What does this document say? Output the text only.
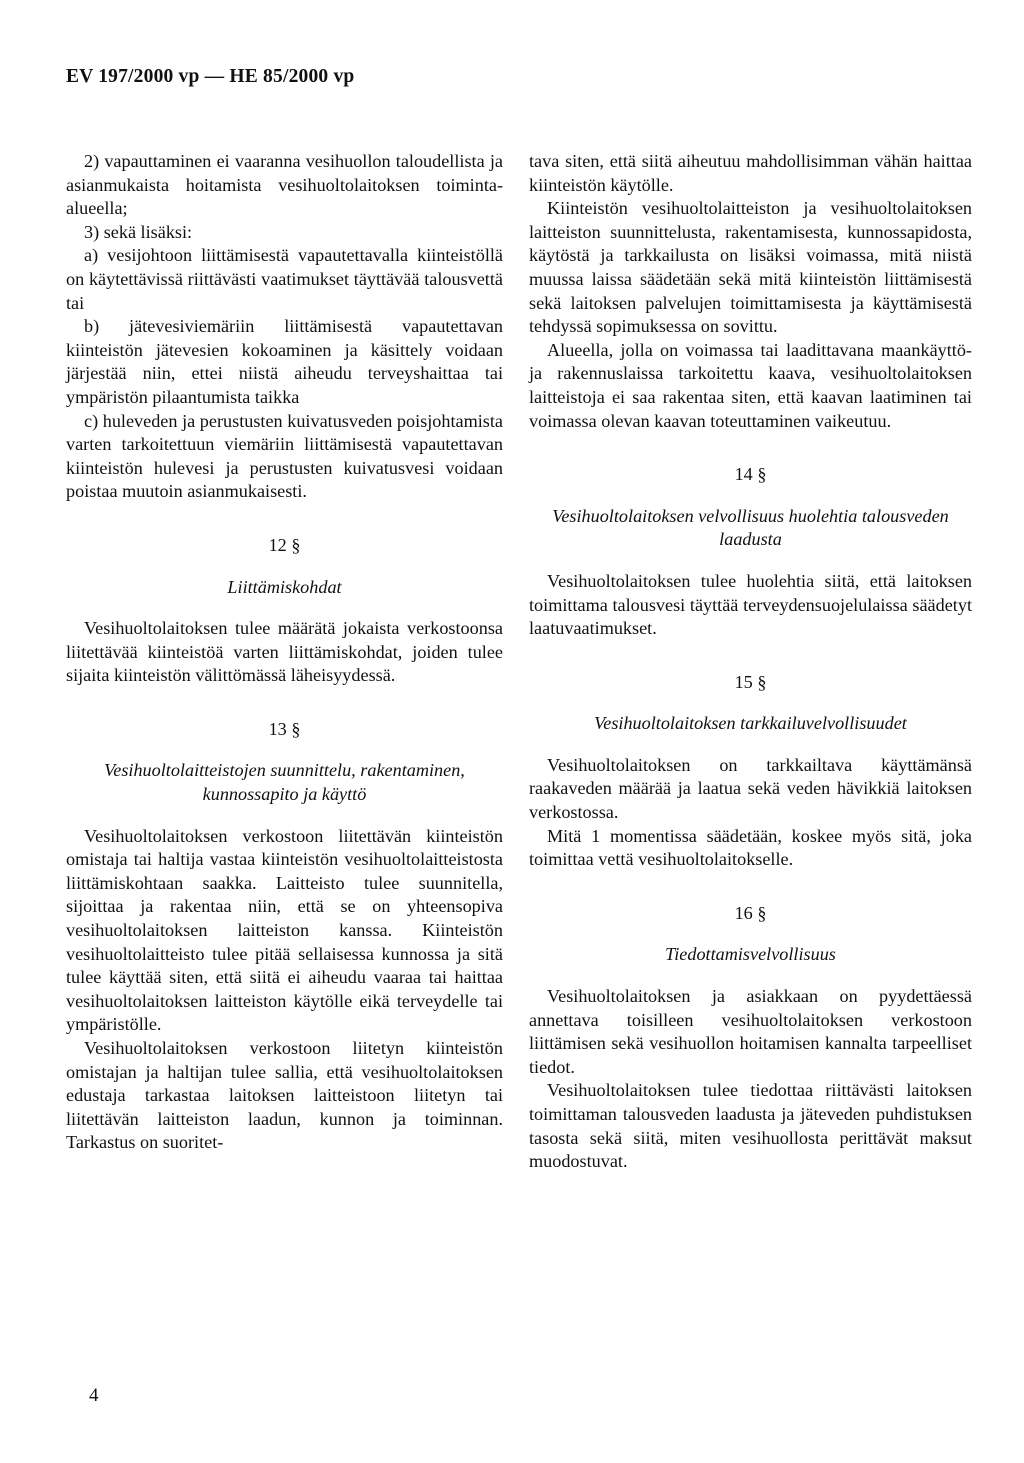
EV 197/2000 vp — HE 85/2000 vp

2) vapauttaminen ei vaaranna vesihuollon taloudellista ja asianmukaista hoitamista vesihuoltolaitoksen toiminta-alueella;

3) sekä lisäksi:

a) vesijohtoon liittämisestä vapautettavalla kiinteistöllä on käytettävissä riittävästi vaatimukset täyttävää talousvettä tai

b) jätevesiviemäriin liittämisestä vapautettavan kiinteistön jätevesien kokoaminen ja käsittely voidaan järjestää niin, ettei niistä aiheudu terveyshaittaa tai ympäristön pilaantumista taikka

c) huleveden ja perustusten kuivatusveden poisjohtamista varten tarkoitettuun viemäriin liittämisestä vapautettavan kiinteistön hulevesi ja perustusten kuivatusvesi voidaan poistaa muutoin asianmukaisesti.

12 §
Liittämiskohdat

Vesihuoltolaitoksen tulee määrätä jokaista verkostoonsa liitettävää kiinteistöä varten liittämiskohdat, joiden tulee sijaita kiinteistön välittömässä läheisyydessä.

13 §
Vesihuoltolaitteistojen suunnittelu, rakentaminen, kunnossapito ja käyttö

Vesihuoltolaitoksen verkostoon liitettävän kiinteistön omistaja tai haltija vastaa kiinteistön vesihuoltolaitteistosta liittämiskohtaan saakka. Laitteisto tulee suunnitella, sijoittaa ja rakentaa niin, että se on yhteensopiva vesihuoltolaitoksen laitteiston kanssa. Kiinteistön vesihuoltolaitteisto tulee pitää sellaisessa kunnossa ja sitä tulee käyttää siten, että siitä ei aiheudu vaaraa tai haittaa vesihuoltolaitoksen laitteiston käytölle eikä terveydelle tai ympäristölle.

Vesihuoltolaitoksen verkostoon liitetyn kiinteistön omistajan ja haltijan tulee sallia, että vesihuoltolaitoksen edustaja tarkastaa laitoksen laitteistoon liitetyn tai liitettävän laitteiston laadun, kunnon ja toiminnan. Tarkastus on suoritet-

tava siten, että siitä aiheutuu mahdollisimman vähän haittaa kiinteistön käytölle.

Kiinteistön vesihuoltolaitteiston ja vesihuoltolaitoksen laitteiston suunnittelusta, rakentamisesta, kunnossapidosta, käytöstä ja tarkkailusta on lisäksi voimassa, mitä niistä muussa laissa säädetään sekä mitä kiinteistön liittämisestä sekä laitoksen palvelujen toimittamisesta ja käyttämisestä tehdyssä sopimuksessa on sovittu.

Alueella, jolla on voimassa tai laadittavana maankäyttö- ja rakennuslaissa tarkoitettu kaava, vesihuoltolaitoksen laitteistoja ei saa rakentaa siten, että kaavan laatiminen tai voimassa olevan kaavan toteuttaminen vaikeutuu.

14 §
Vesihuoltolaitoksen velvollisuus huolehtia talousveden laadusta

Vesihuoltolaitoksen tulee huolehtia siitä, että laitoksen toimittama talousvesi täyttää terveydensuojelulaissa säädetyt laatuvaatimukset.

15 §
Vesihuoltolaitoksen tarkkailuvelvollisuudet

Vesihuoltolaitoksen on tarkkailtava käyttämänsä raakaveden määrää ja laatua sekä veden hävikkiä laitoksen verkostossa.

Mitä 1 momentissa säädetään, koskee myös sitä, joka toimittaa vettä vesihuoltolaitokselle.

16 §
Tiedottamisvelvollisuus

Vesihuoltolaitoksen ja asiakkaan on pyydettäessä annettava toisilleen vesihuoltolaitoksen verkostoon liittämisen sekä vesihuollon hoitamisen kannalta tarpeelliset tiedot.

Vesihuoltolaitoksen tulee tiedottaa riittävästi laitoksen toimittaman talousveden laadusta ja jäteveden puhdistuksen tasosta sekä siitä, miten vesihuollosta perittävät maksut muodostuvat.

4
